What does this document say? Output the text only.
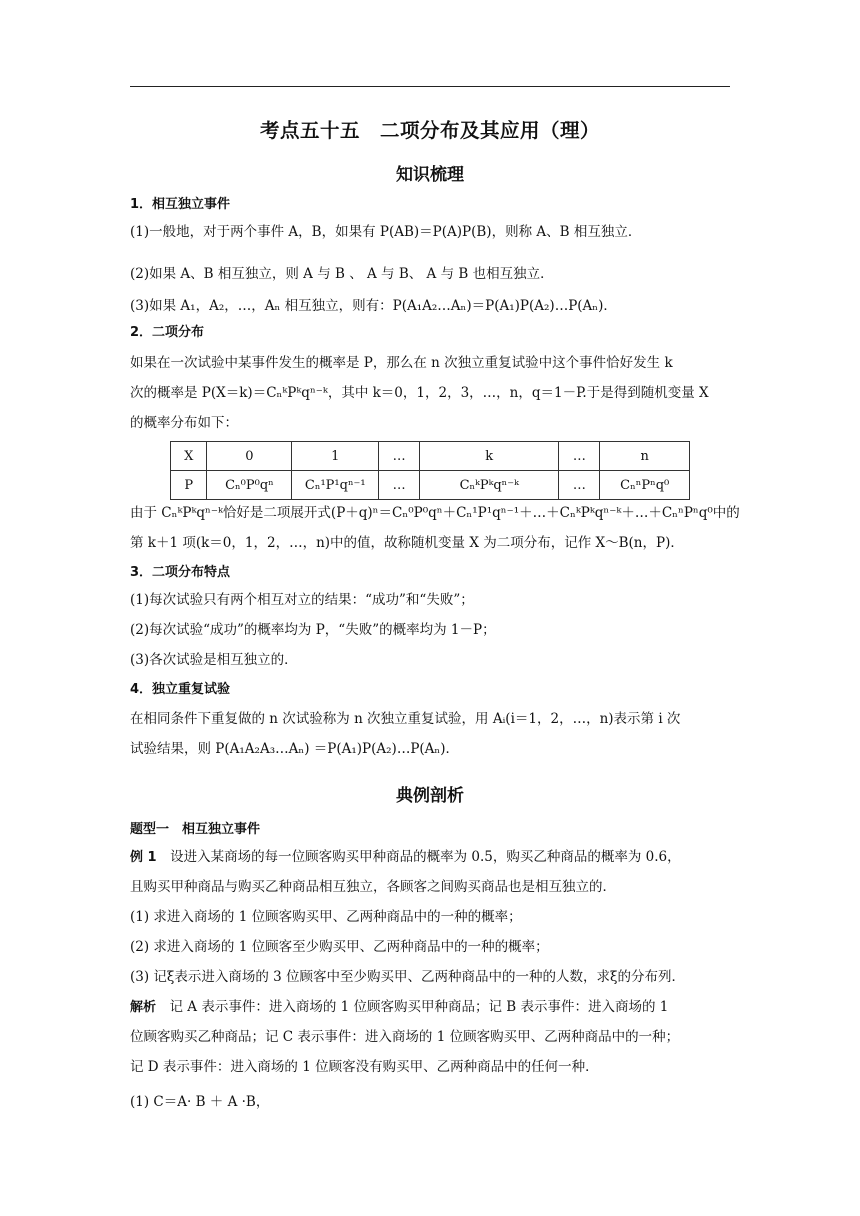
考点五十五　二项分布及其应用（理）
知识梳理
1．相互独立事件
(1)一般地，对于两个事件 A，B，如果有 P(AB)＝P(A)P(B)，则称 A、B 相互独立．
(2)如果 A、B 相互独立，则 A 与 B 、 A 与 B、 A 与 B 也相互独立．
(3)如果 A₁，A₂，…，Aₙ 相互独立，则有：P(A₁A₂…Aₙ)＝P(A₁)P(A₂)…P(Aₙ)．
2．二项分布
如果在一次试验中某事件发生的概率是 P，那么在 n 次独立重复试验中这个事件恰好发生 k
次的概率是 P(X＝k)＝CₙᵏPᵏqⁿ⁻ᵏ，其中 k＝0，1，2，3，…，n，q＝1－P.于是得到随机变量 X
的概率分布如下：
X	0	1	…	k	…	n
P	Cₙ⁰P⁰qⁿ	Cₙ¹P¹qⁿ⁻¹	…	CₙᵏPᵏqⁿ⁻ᵏ	…	CₙⁿPⁿq⁰
由于 CₙᵏPᵏqⁿ⁻ᵏ恰好是二项展开式(P＋q)ⁿ＝Cₙ⁰P⁰qⁿ＋Cₙ¹P¹qⁿ⁻¹＋…＋CₙᵏPᵏqⁿ⁻ᵏ＋…＋CₙⁿPⁿq⁰中的
第 k＋1 项(k＝0，1，2，…，n)中的值，故称随机变量 X 为二项分布，记作 X～B(n，P)．
3．二项分布特点
(1)每次试验只有两个相互对立的结果：“成功”和“失败”；
(2)每次试验“成功”的概率均为 P，“失败”的概率均为 1－P；
(3)各次试验是相互独立的．
4．独立重复试验
在相同条件下重复做的 n 次试验称为 n 次独立重复试验，用 Aᵢ(i＝1，2，…，n)表示第 i 次
试验结果，则 P(A₁A₂A₃…Aₙ) ＝P(A₁)P(A₂)…P(Aₙ)．
典例剖析
题型一　相互独立事件
例 1　设进入某商场的每一位顾客购买甲种商品的概率为 0.5，购买乙种商品的概率为 0.6，
且购买甲种商品与购买乙种商品相互独立，各顾客之间购买商品也是相互独立的．
(1) 求进入商场的 1 位顾客购买甲、乙两种商品中的一种的概率；
(2) 求进入商场的 1 位顾客至少购买甲、乙两种商品中的一种的概率；
(3) 记ξ表示进入商场的 3 位顾客中至少购买甲、乙两种商品中的一种的人数，求ξ的分布列．
解析　记 A 表示事件：进入商场的 1 位顾客购买甲种商品；记 B 表示事件：进入商场的 1
位顾客购买乙种商品；记 C 表示事件：进入商场的 1 位顾客购买甲、乙两种商品中的一种；
记 D 表示事件：进入商场的 1 位顾客没有购买甲、乙两种商品中的任何一种．
(1) C＝A· B ＋ A ·B，
